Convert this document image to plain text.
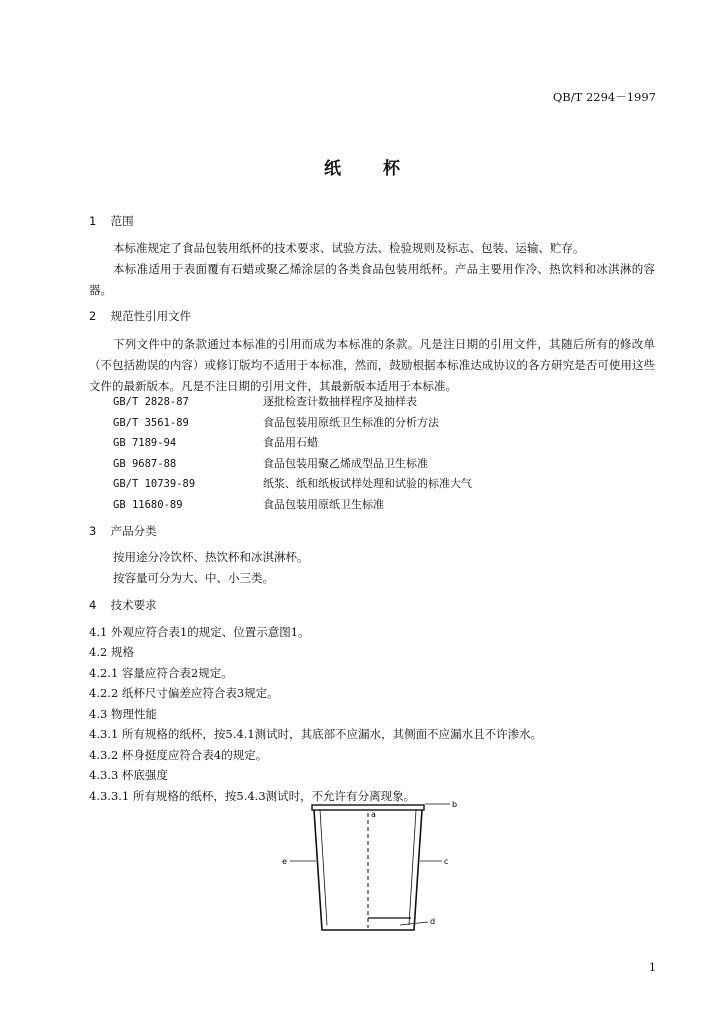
QB/T 2294－1997
纸 杯
1 范围

本标准规定了食品包装用纸杯的技术要求、试验方法、检验规则及标志、包装、运输、贮存。

本标准适用于表面覆有石蜡或聚乙烯涂层的各类食品包装用纸杯。产品主要用作冷、热饮料和冰淇淋的容器。

2 规范性引用文件

下列文件中的条款通过本标准的引用而成为本标准的条款。凡是注日期的引用文件，其随后所有的修改单（不包括勘误的内容）或修订版均不适用于本标准，然而，鼓励根据本标准达成协议的各方研究是否可使用这些文件的最新版本。凡是不注日期的引用文件，其最新版本适用于本标准。

GB/T 2828-87	逐批检查计数抽样程序及抽样表
GB/T 3561-89	食品包装用原纸卫生标准的分析方法
GB 7189-94	食品用石蜡
GB 9687-88	食品包装用聚乙烯成型品卫生标准
GB/T 10739-89	纸浆、纸和纸板试样处理和试验的标准大气
GB 11680-89	食品包装用原纸卫生标准
3 产品分类
按用途分冷饮杯、热饮杯和冰淇淋杯。
按容量可分为大、中、小三类。
4 技术要求
4.1 外观应符合表1的规定、位置示意图1。
4.2 规格
4.2.1 容量应符合表2规定。
4.2.2 纸杯尺寸偏差应符合表3规定。
4.3 物理性能
4.3.1 所有规格的纸杯，按5.4.1测试时，其底部不应漏水，其侧面不应漏水且不许渗水。
4.3.2 杯身挺度应符合表4的规定。
4.3.3 杯底强度
4.3.3.1 所有规格的纸杯，按5.4.3测试时，不允许有分离现象。
a
b
c
d
e
1
